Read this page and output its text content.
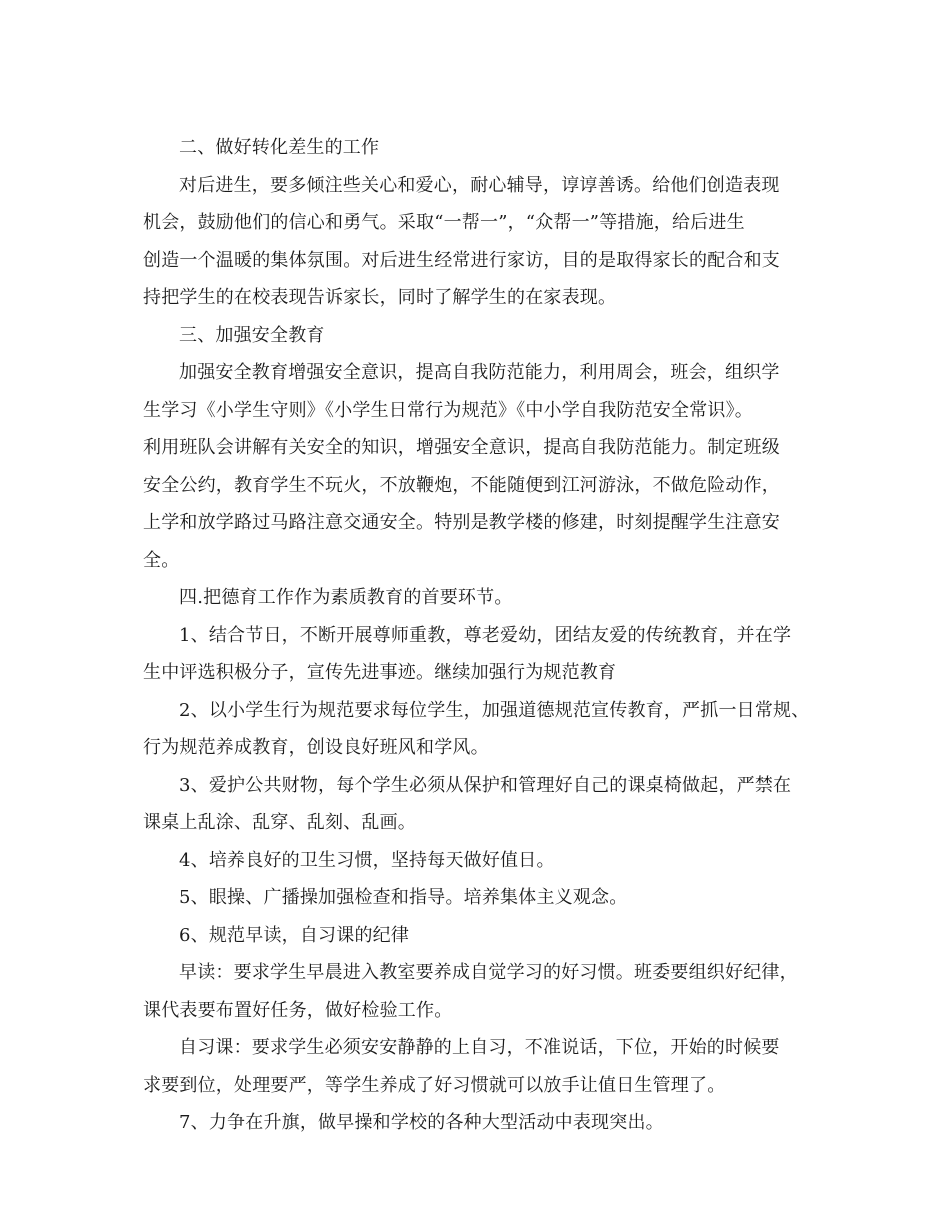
二、做好转化差生的工作

对后进生，要多倾注些关心和爱心，耐心辅导，谆谆善诱。给他们创造表现

机会，鼓励他们的信心和勇气。采取“一帮一”，“众帮一”等措施，给后进生

创造一个温暖的集体氛围。对后进生经常进行家访，目的是取得家长的配合和支

持把学生的在校表现告诉家长，同时了解学生的在家表现。

三、加强安全教育

加强安全教育增强安全意识，提高自我防范能力，利用周会，班会，组织学

生学习《小学生守则》《小学生日常行为规范》《中小学自我防范安全常识》。

利用班队会讲解有关安全的知识，增强安全意识，提高自我防范能力。制定班级

安全公约，教育学生不玩火，不放鞭炮，不能随便到江河游泳，不做危险动作，

上学和放学路过马路注意交通安全。特别是教学楼的修建，时刻提醒学生注意安

全。

四.把德育工作作为素质教育的首要环节。

1、结合节日，不断开展尊师重教，尊老爱幼，团结友爱的传统教育，并在学

生中评选积极分子，宣传先进事迹。继续加强行为规范教育

2、以小学生行为规范要求每位学生，加强道德规范宣传教育，严抓一日常规、

行为规范养成教育，创设良好班风和学风。

3、爱护公共财物，每个学生必须从保护和管理好自己的课桌椅做起，严禁在

课桌上乱涂、乱穿、乱刻、乱画。

4、培养良好的卫生习惯，坚持每天做好值日。

5、眼操、广播操加强检查和指导。培养集体主义观念。

6、规范早读，自习课的纪律

早读：要求学生早晨进入教室要养成自觉学习的好习惯。班委要组织好纪律，

课代表要布置好任务，做好检验工作。

自习课：要求学生必须安安静静的上自习，不准说话，下位，开始的时候要

求要到位，处理要严，等学生养成了好习惯就可以放手让值日生管理了。

7、力争在升旗，做早操和学校的各种大型活动中表现突出。
